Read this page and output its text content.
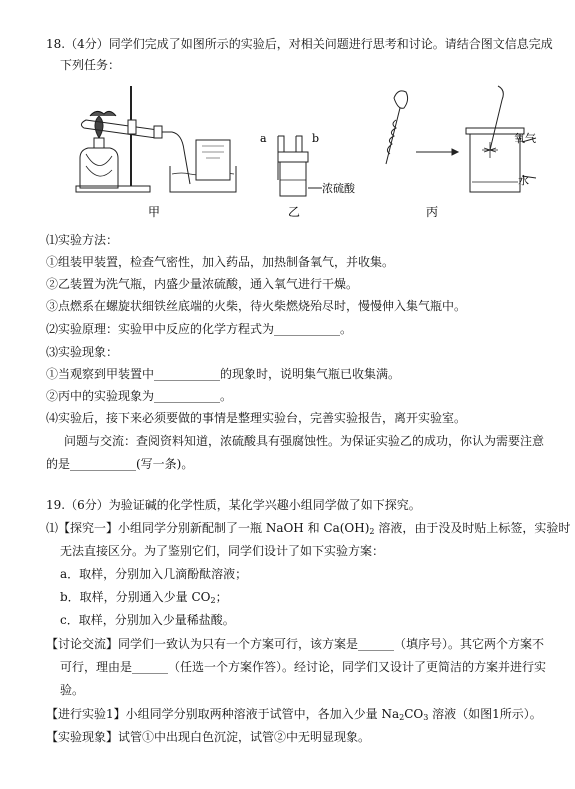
18.（4分）同学们完成了如图所示的实验后，对相关问题进行思考和讨论。请结合图文信息完成
下列任务：
甲
a	b
浓硫酸
乙
氧气
水
丙
⑴实验方法：
①组装甲装置，检查气密性，加入药品，加热制备氧气，并收集。
②乙装置为洗气瓶，内盛少量浓硫酸，通入氧气进行干燥。
③点燃系在螺旋状细铁丝底端的火柴，待火柴燃烧殆尽时，慢慢伸入集气瓶中。
⑵实验原理：实验甲中反应的化学方程式为___________。
⑶实验现象：
①当观察到甲装置中___________的现象时，说明集气瓶已收集满。
②丙中的实验现象为___________。
⑷实验后，接下来必须要做的事情是整理实验台，完善实验报告，离开实验室。
问题与交流：查阅资料知道，浓硫酸具有强腐蚀性。为保证实验乙的成功，你认为需要注意
的是___________(写一条)。
19.（6分）为验证碱的化学性质，某化学兴趣小组同学做了如下探究。
⑴【探究一】小组同学分别新配制了一瓶 NaOH 和 $Ca(OH)_2$ 溶液，由于没及时贴上标签，实验时
无法直接区分。为了鉴别它们，同学们设计了如下实验方案：
a．取样，分别加入几滴酚酞溶液；
b．取样，分别通入少量 $CO_2$；
c．取样，分别加入少量稀盐酸。
【讨论交流】同学们一致认为只有一个方案可行，该方案是______（填序号）。其它两个方案不
可行，理由是______（任选一个方案作答）。经讨论，同学们又设计了更简洁的方案并进行实
验。
【进行实验1】小组同学分别取两种溶液于试管中，各加入少量 $Na_2CO_3$ 溶液（如图1所示）。
【实验现象】试管①中出现白色沉淀，试管②中无明显现象。
